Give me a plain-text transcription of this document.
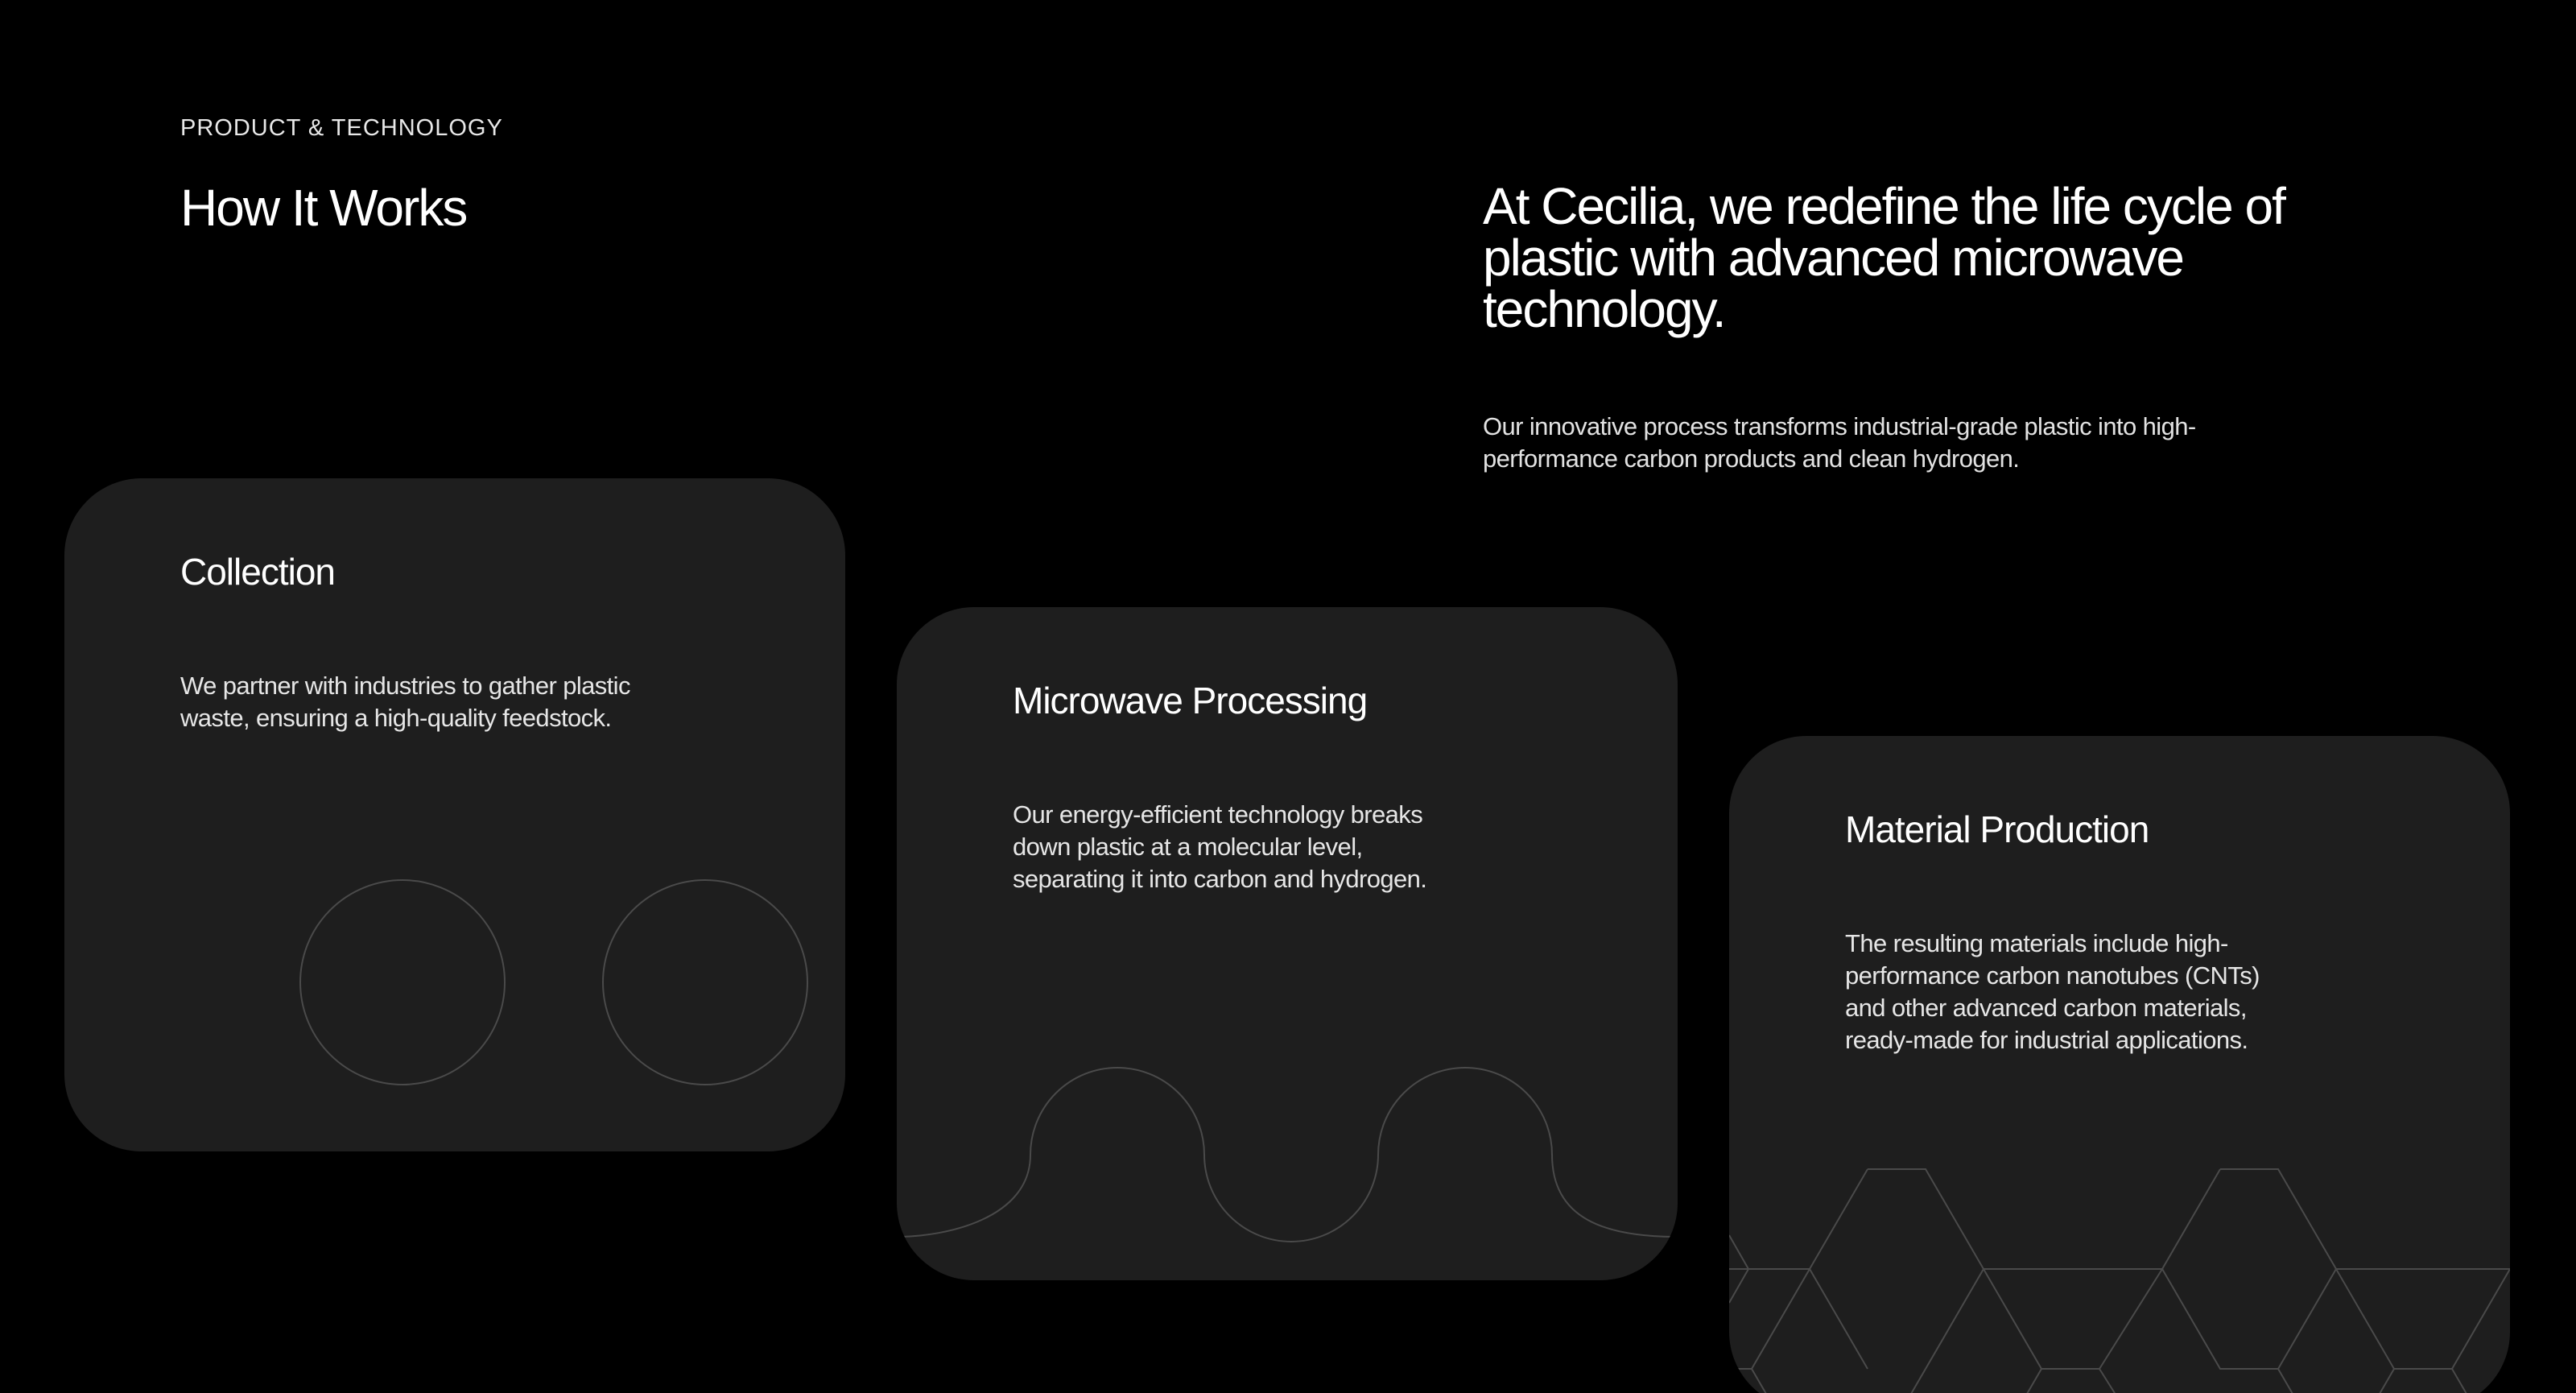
PRODUCT & TECHNOLOGY
How It Works	At Cecilia, we redefine the life cycle of plastic with advanced microwave technology.

Our innovative process transforms industrial-grade plastic into high-performance carbon products and clean hydrogen.

Collection

We partner with industries to gather plastic waste, ensuring a high-quality feedstock.	Microwave Processing

Our energy-efficient technology breaks down plastic at a molecular level, separating it into carbon and hydrogen.

Material Production

The resulting materials include high-performance carbon nanotubes (CNTs) and other advanced carbon materials, ready-made for industrial applications.
